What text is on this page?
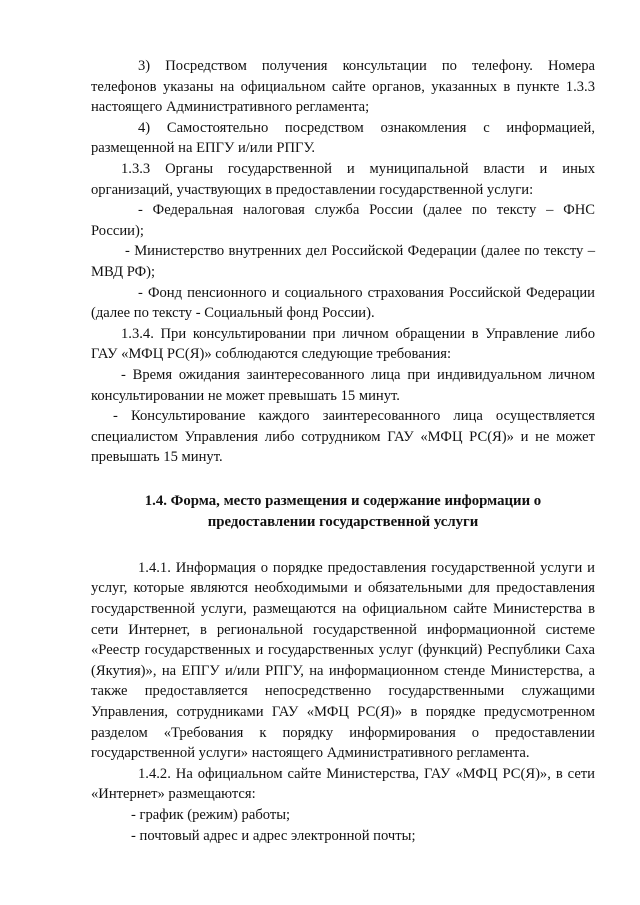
3) Посредством получения консультации по телефону. Номера телефонов указаны на официальном сайте органов, указанных в пункте 1.3.3 настоящего Административного регламента;

4) Самостоятельно посредством ознакомления с информацией, размещенной на ЕПГУ и/или РПГУ.

1.3.3 Органы государственной и муниципальной власти и иных организаций, участвующих в предоставлении государственной услуги:

- Федеральная налоговая служба России (далее по тексту – ФНС России);

- Министерство внутренних дел Российской Федерации (далее по тексту – МВД РФ);

- Фонд пенсионного и социального страхования Российской Федерации (далее по тексту - Социальный фонд России).

1.3.4. При консультировании при личном обращении в Управление либо ГАУ «МФЦ РС(Я)» соблюдаются следующие требования:

- Время ожидания заинтересованного лица при индивидуальном личном консультировании не может превышать 15 минут.

- Консультирование каждого заинтересованного лица осуществляется специалистом Управления либо сотрудником ГАУ «МФЦ РС(Я)» и не может превышать 15 минут.

1.4. Форма, место размещения и содержание информации о
предоставлении государственной услуги

1.4.1. Информация о порядке предоставления государственной услуги и услуг, которые являются необходимыми и обязательными для предоставления государственной услуги, размещаются на официальном сайте Министерства в сети Интернет, в региональной государственной информационной системе «Реестр государственных и государственных услуг (функций) Республики Саха (Якутия)», на ЕПГУ и/или РПГУ, на информационном стенде Министерства, а также предоставляется непосредственно государственными служащими Управления, сотрудниками ГАУ «МФЦ РС(Я)» в порядке предусмотренном разделом «Требования к порядку информирования о предоставлении государственной услуги» настоящего Административного регламента.

1.4.2. На официальном сайте Министерства, ГАУ «МФЦ РС(Я)», в сети «Интернет» размещаются:

- график (режим) работы;

- почтовый адрес и адрес электронной почты;
